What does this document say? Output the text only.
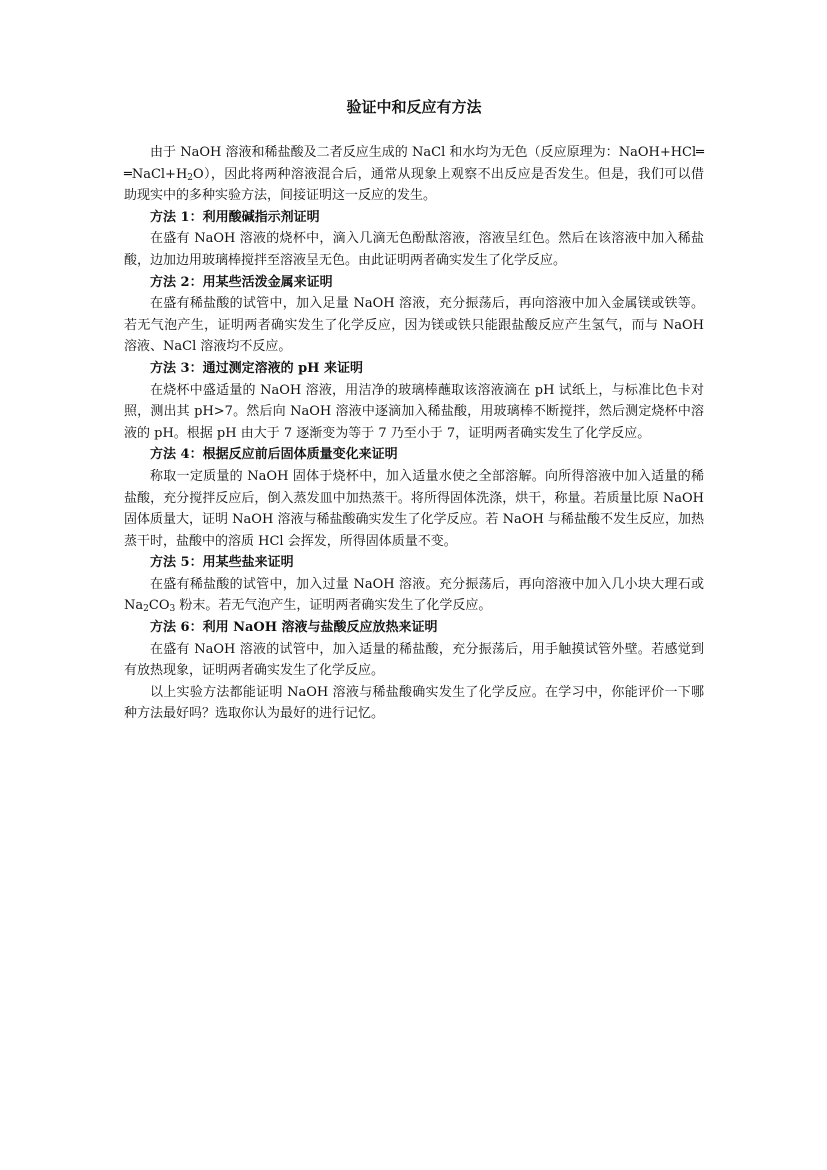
验证中和反应有方法

由于 NaOH 溶液和稀盐酸及二者反应生成的 NaCl 和水均为无色（反应原理为：$NaOH+HCl══NaCl+H_2O$），因此将两种溶液混合后，通常从现象上观察不出反应是否发生。但是，我们可以借助现实中的多种实验方法，间接证明这一反应的发生。

方法 1：利用酸碱指示剂证明

在盛有 NaOH 溶液的烧杯中，滴入几滴无色酚酞溶液，溶液呈红色。然后在该溶液中加入稀盐酸，边加边用玻璃棒搅拌至溶液呈无色。由此证明两者确实发生了化学反应。

方法 2：用某些活泼金属来证明

在盛有稀盐酸的试管中，加入足量 NaOH 溶液，充分振荡后，再向溶液中加入金属镁或铁等。若无气泡产生，证明两者确实发生了化学反应，因为镁或铁只能跟盐酸反应产生氢气，而与 NaOH 溶液、NaCl 溶液均不反应。

方法 3：通过测定溶液的 pH 来证明

在烧杯中盛适量的 NaOH 溶液，用洁净的玻璃棒蘸取该溶液滴在 pH 试纸上，与标准比色卡对照，测出其 pH>7。然后向 NaOH 溶液中逐滴加入稀盐酸，用玻璃棒不断搅拌，然后测定烧杯中溶液的 pH。根据 pH 由大于 7 逐渐变为等于 7 乃至小于 7，证明两者确实发生了化学反应。

方法 4：根据反应前后固体质量变化来证明

称取一定质量的 NaOH 固体于烧杯中，加入适量水使之全部溶解。向所得溶液中加入适量的稀盐酸，充分搅拌反应后，倒入蒸发皿中加热蒸干。将所得固体洗涤，烘干，称量。若质量比原 NaOH 固体质量大，证明 NaOH 溶液与稀盐酸确实发生了化学反应。若 NaOH 与稀盐酸不发生反应，加热蒸干时，盐酸中的溶质 HCl 会挥发，所得固体质量不变。

方法 5：用某些盐来证明

在盛有稀盐酸的试管中，加入过量 NaOH 溶液。充分振荡后，再向溶液中加入几小块大理石或 $Na_2CO_3$ 粉末。若无气泡产生，证明两者确实发生了化学反应。

方法 6：利用 NaOH 溶液与盐酸反应放热来证明

在盛有 NaOH 溶液的试管中，加入适量的稀盐酸，充分振荡后，用手触摸试管外壁。若感觉到有放热现象，证明两者确实发生了化学反应。

以上实验方法都能证明 NaOH 溶液与稀盐酸确实发生了化学反应。在学习中，你能评价一下哪种方法最好吗？选取你认为最好的进行记忆。
